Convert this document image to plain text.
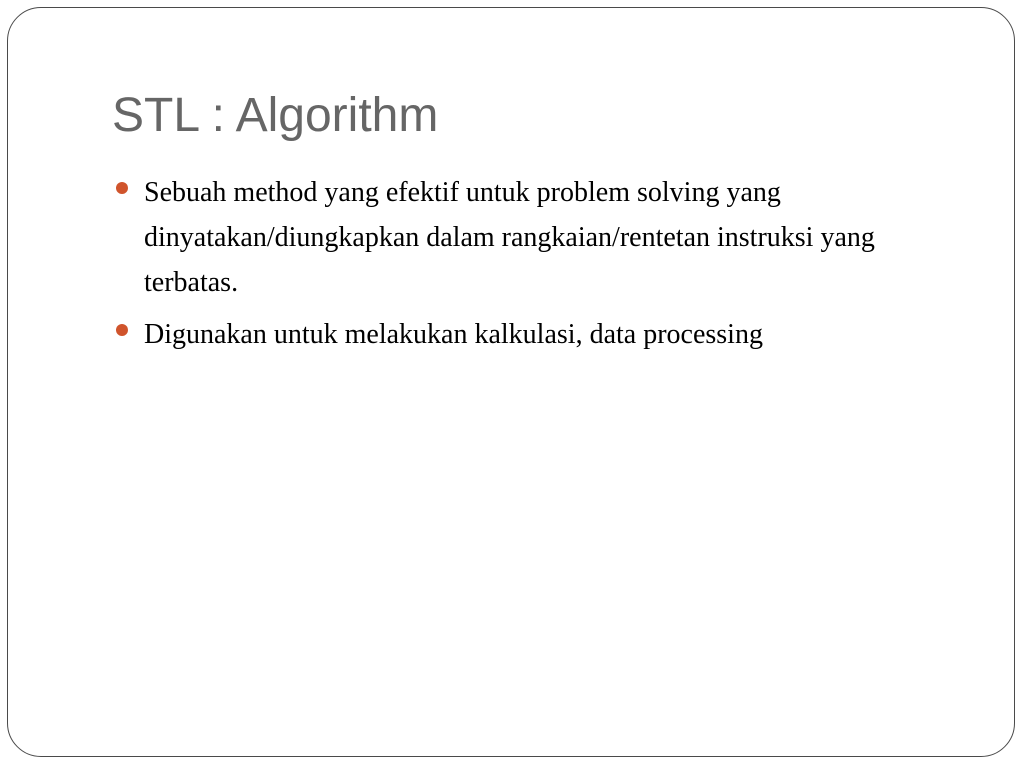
STL : Algorithm
Sebuah method yang efektif untuk problem solving yang dinyatakan/diungkapkan dalam rangkaian/rentetan instruksi yang terbatas.
Digunakan untuk melakukan kalkulasi, data processing
